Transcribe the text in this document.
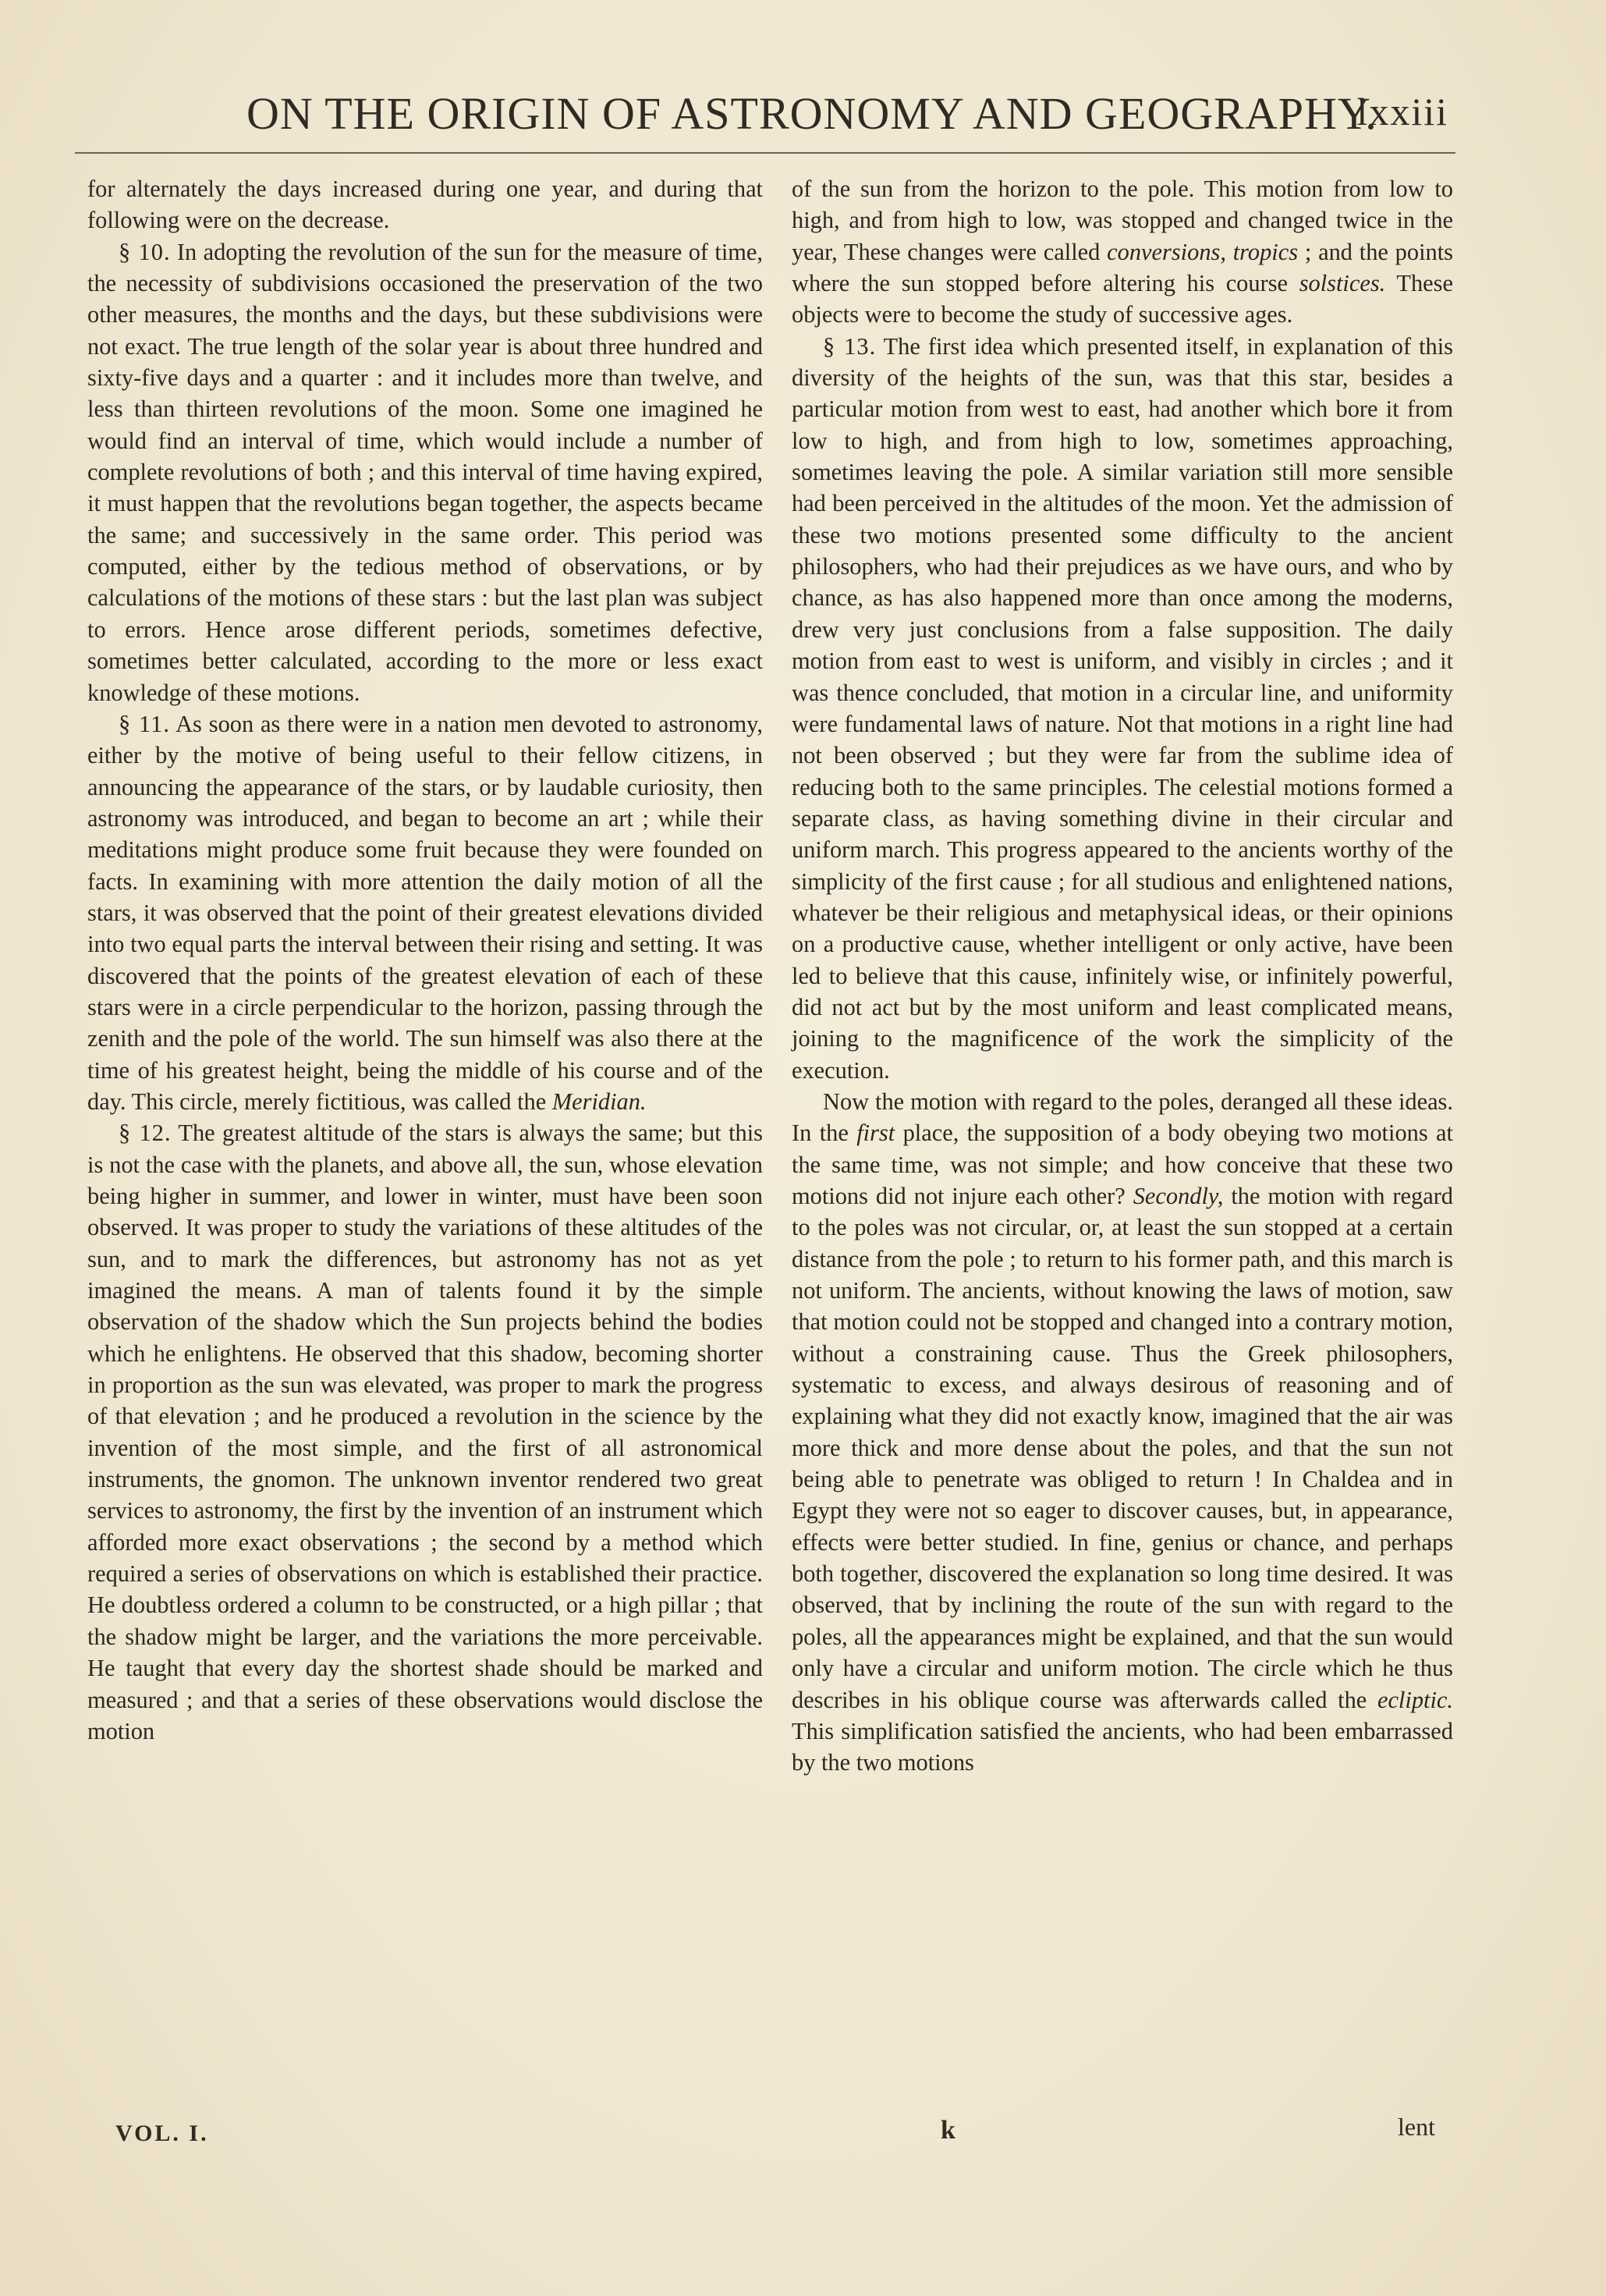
ON THE ORIGIN OF ASTRONOMY AND GEOGRAPHY.
lxxiii

for alternately the days increased during one year, and during that following were on the decrease.

§ 10. In adopting the revolution of the sun for the measure of time, the necessity of subdivisions occasioned the preservation of the two other measures, the months and the days, but these subdivisions were not exact. The true length of the solar year is about three hundred and sixty-five days and a quarter : and it includes more than twelve, and less than thirteen revolutions of the moon. Some one imagined he would find an interval of time, which would include a number of complete revolutions of both ; and this interval of time having expired, it must happen that the revolutions began together, the aspects became the same; and successively in the same order. This period was computed, either by the tedious method of observations, or by calculations of the motions of these stars : but the last plan was subject to errors. Hence arose different periods, sometimes defective, sometimes better calculated, according to the more or less exact knowledge of these motions.

§ 11. As soon as there were in a nation men devoted to astronomy, either by the motive of being useful to their fellow citizens, in announcing the appearance of the stars, or by laudable curiosity, then astronomy was introduced, and began to become an art ; while their meditations might produce some fruit because they were founded on facts. In examining with more attention the daily motion of all the stars, it was observed that the point of their greatest elevations divided into two equal parts the interval between their rising and setting. It was discovered that the points of the greatest elevation of each of these stars were in a circle perpendicular to the horizon, passing through the zenith and the pole of the world. The sun himself was also there at the time of his greatest height, being the middle of his course and of the day. This circle, merely fictitious, was called the Meridian.

§ 12. The greatest altitude of the stars is always the same; but this is not the case with the planets, and above all, the sun, whose elevation being higher in summer, and lower in winter, must have been soon observed. It was proper to study the variations of these altitudes of the sun, and to mark the differences, but astronomy has not as yet imagined the means. A man of talents found it by the simple observation of the shadow which the Sun projects behind the bodies which he enlightens. He observed that this shadow, becoming shorter in proportion as the sun was elevated, was proper to mark the progress of that elevation ; and he produced a revolution in the science by the invention of the most simple, and the first of all astronomical instruments, the gnomon. The unknown inventor rendered two great services to astronomy, the first by the invention of an instrument which afforded more exact observations ; the second by a method which required a series of observations on which is established their practice. He doubtless ordered a column to be constructed, or a high pillar ; that the shadow might be larger, and the variations the more perceivable. He taught that every day the shortest shade should be marked and measured ; and that a series of these observations would disclose the motion

of the sun from the horizon to the pole. This motion from low to high, and from high to low, was stopped and changed twice in the year, These changes were called conversions, tropics ; and the points where the sun stopped before altering his course solstices. These objects were to become the study of successive ages.

§ 13. The first idea which presented itself, in explanation of this diversity of the heights of the sun, was that this star, besides a particular motion from west to east, had another which bore it from low to high, and from high to low, sometimes approaching, sometimes leaving the pole. A similar variation still more sensible had been perceived in the altitudes of the moon. Yet the admission of these two motions presented some difficulty to the ancient philosophers, who had their prejudices as we have ours, and who by chance, as has also happened more than once among the moderns, drew very just conclusions from a false supposition. The daily motion from east to west is uniform, and visibly in circles ; and it was thence concluded, that motion in a circular line, and uniformity were fundamental laws of nature. Not that motions in a right line had not been observed ; but they were far from the sublime idea of reducing both to the same principles. The celestial motions formed a separate class, as having something divine in their circular and uniform march. This progress appeared to the ancients worthy of the simplicity of the first cause ; for all studious and enlightened nations, whatever be their religious and metaphysical ideas, or their opinions on a productive cause, whether intelligent or only active, have been led to believe that this cause, infinitely wise, or infinitely powerful, did not act but by the most uniform and least complicated means, joining to the magnificence of the work the simplicity of the execution.

Now the motion with regard to the poles, deranged all these ideas. In the first place, the supposition of a body obeying two motions at the same time, was not simple; and how conceive that these two motions did not injure each other? Secondly, the motion with regard to the poles was not circular, or, at least the sun stopped at a certain distance from the pole ; to return to his former path, and this march is not uniform. The ancients, without knowing the laws of motion, saw that motion could not be stopped and changed into a contrary motion, without a constraining cause. Thus the Greek philosophers, systematic to excess, and always desirous of reasoning and of explaining what they did not exactly know, imagined that the air was more thick and more dense about the poles, and that the sun not being able to penetrate was obliged to return ! In Chaldea and in Egypt they were not so eager to discover causes, but, in appearance, effects were better studied. In fine, genius or chance, and perhaps both together, discovered the explanation so long time desired. It was observed, that by inclining the route of the sun with regard to the poles, all the appearances might be explained, and that the sun would only have a circular and uniform motion. The circle which he thus describes in his oblique course was afterwards called the ecliptic. This simplification satisfied the ancients, who had been embarrassed by the two motions

VOL. I.	k	lent
